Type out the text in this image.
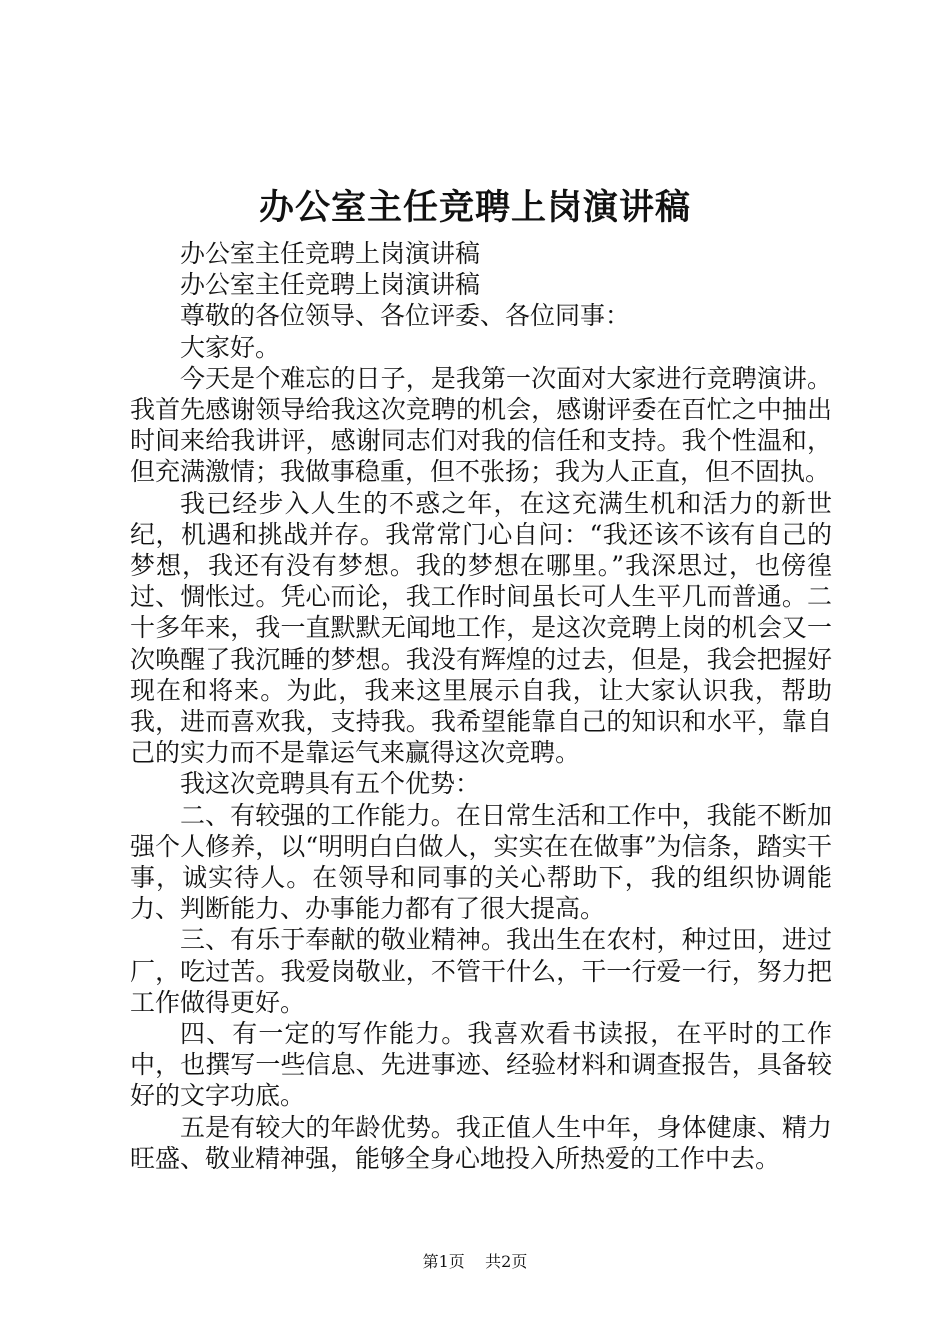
办公室主任竞聘上岗演讲稿

办公室主任竞聘上岗演讲稿

办公室主任竞聘上岗演讲稿

尊敬的各位领导、各位评委、各位同事：

大家好。

今天是个难忘的日子，是我第一次面对大家进行竞聘演讲。我首先感谢领导给我这次竞聘的机会，感谢评委在百忙之中抽出时间来给我讲评，感谢同志们对我的信任和支持。我个性温和，但充满激情；我做事稳重，但不张扬；我为人正直，但不固执。

我已经步入人生的不惑之年，在这充满生机和活力的新世纪，机遇和挑战并存。我常常门心自问：“我还该不该有自己的梦想，我还有没有梦想。我的梦想在哪里。”我深思过，也傍徨过、惆怅过。凭心而论，我工作时间虽长可人生平几而普通。二十多年来，我一直默默无闻地工作，是这次竞聘上岗的机会又一次唤醒了我沉睡的梦想。我没有辉煌的过去，但是，我会把握好现在和将来。为此，我来这里展示自我，让大家认识我，帮助我，进而喜欢我，支持我。我希望能靠自己的知识和水平，靠自己的实力而不是靠运气来赢得这次竞聘。

我这次竞聘具有五个优势：

二、有较强的工作能力。在日常生活和工作中，我能不断加强个人修养，以“明明白白做人，实实在在做事”为信条，踏实干事，诚实待人。在领导和同事的关心帮助下，我的组织协调能力、判断能力、办事能力都有了很大提高。

三、有乐于奉献的敬业精神。我出生在农村，种过田，进过厂，吃过苦。我爱岗敬业，不管干什么，干一行爱一行，努力把工作做得更好。

四、有一定的写作能力。我喜欢看书读报，在平时的工作中，也撰写一些信息、先进事迹、经验材料和调查报告，具备较好的文字功底。

五是有较大的年龄优势。我正值人生中年，身体健康、精力旺盛、敬业精神强，能够全身心地投入所热爱的工作中去。

第1页 共2页
